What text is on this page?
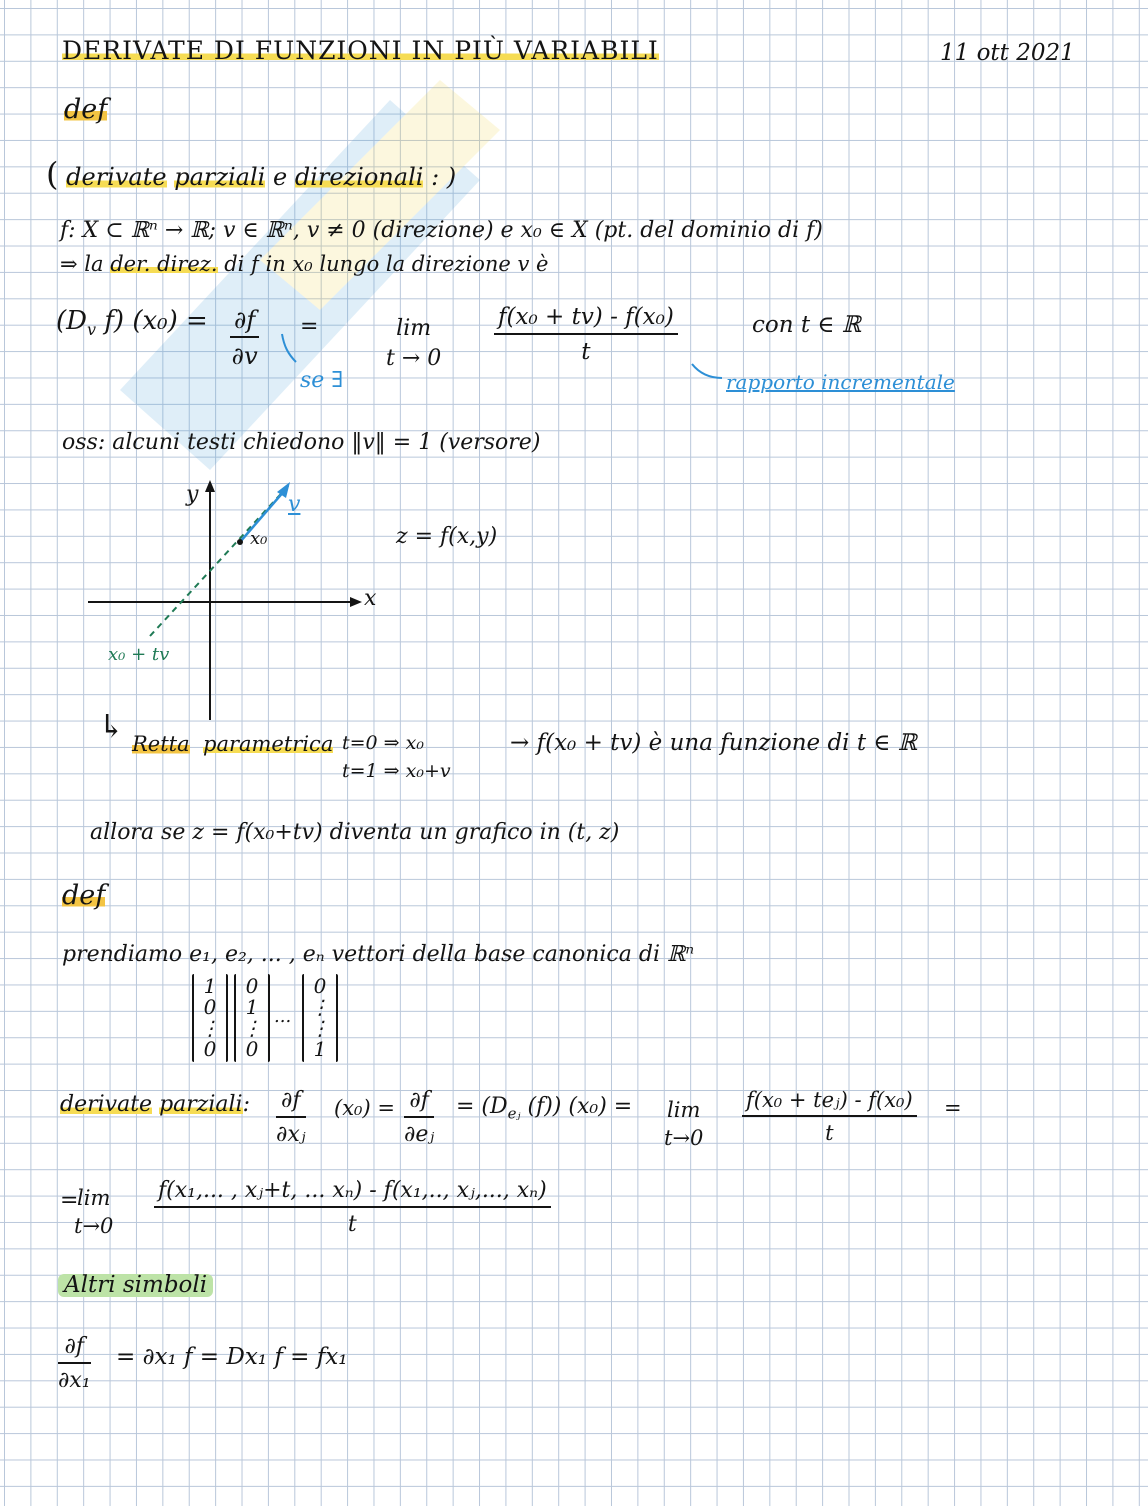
DERIVATE DI FUNZIONI IN PIÙ VARIABILI	11 ott 2021
def
( derivate parziali e direzionali : )
f: X ⊂ ℝⁿ → ℝ; v ∈ ℝⁿ, v ≠ 0 (direzione) e x₀ ∈ X (pt. del dominio di f)
⇒ la der. direz. di f in x₀ lungo la direzione v è
($D_v$ f) $(x_0) = \frac{\partial f}{\partial v}$ =	lim
$t \to 0 \frac{\text{f(x₀ + tv) - f(x₀)}}{t}$	con t ∈ ℝ
se ∃	rapporto incrementale
oss: alcuni testi chiedono ‖v‖ = 1 (versore)
y
x
v
x₀
x₀ + tv
z = f(x,y)
↳ Retta parametrica t=0 ⇒ x₀
t=1 ⇒ x₀+v
→ f(x₀ + tv) è una funzione di t ∈ ℝ
allora se z = f(x₀+tv) diventa un grafico in (t, z)
def
prendiamo e₁, e₂, ... , eₙ vettori della base canonica di ℝⁿ
1
0
⋮
0
0
1
⋮
0
...
0
⋮
⋮
1
derivate parziali: $\frac{\partial f}{\text{∂xⱼ}} (x_0) = \frac{\partial f}{\text{∂eⱼ}} = (D_{eⱼ}$ (f)) (x₀) = lim
t→0
f(x₀ + teⱼ) - f(x₀)
t
=
=
lim
$t\to 0 \frac{\text{f(x₁,... , xⱼ+t, ... xₙ) - f(x₁,.., xⱼ,..., xₙ)}}{t}$
Altri simboli
$\frac{\partial f}{\text{∂x₁}} = \partial x_1$ f = Dx₁ f = fx₁
